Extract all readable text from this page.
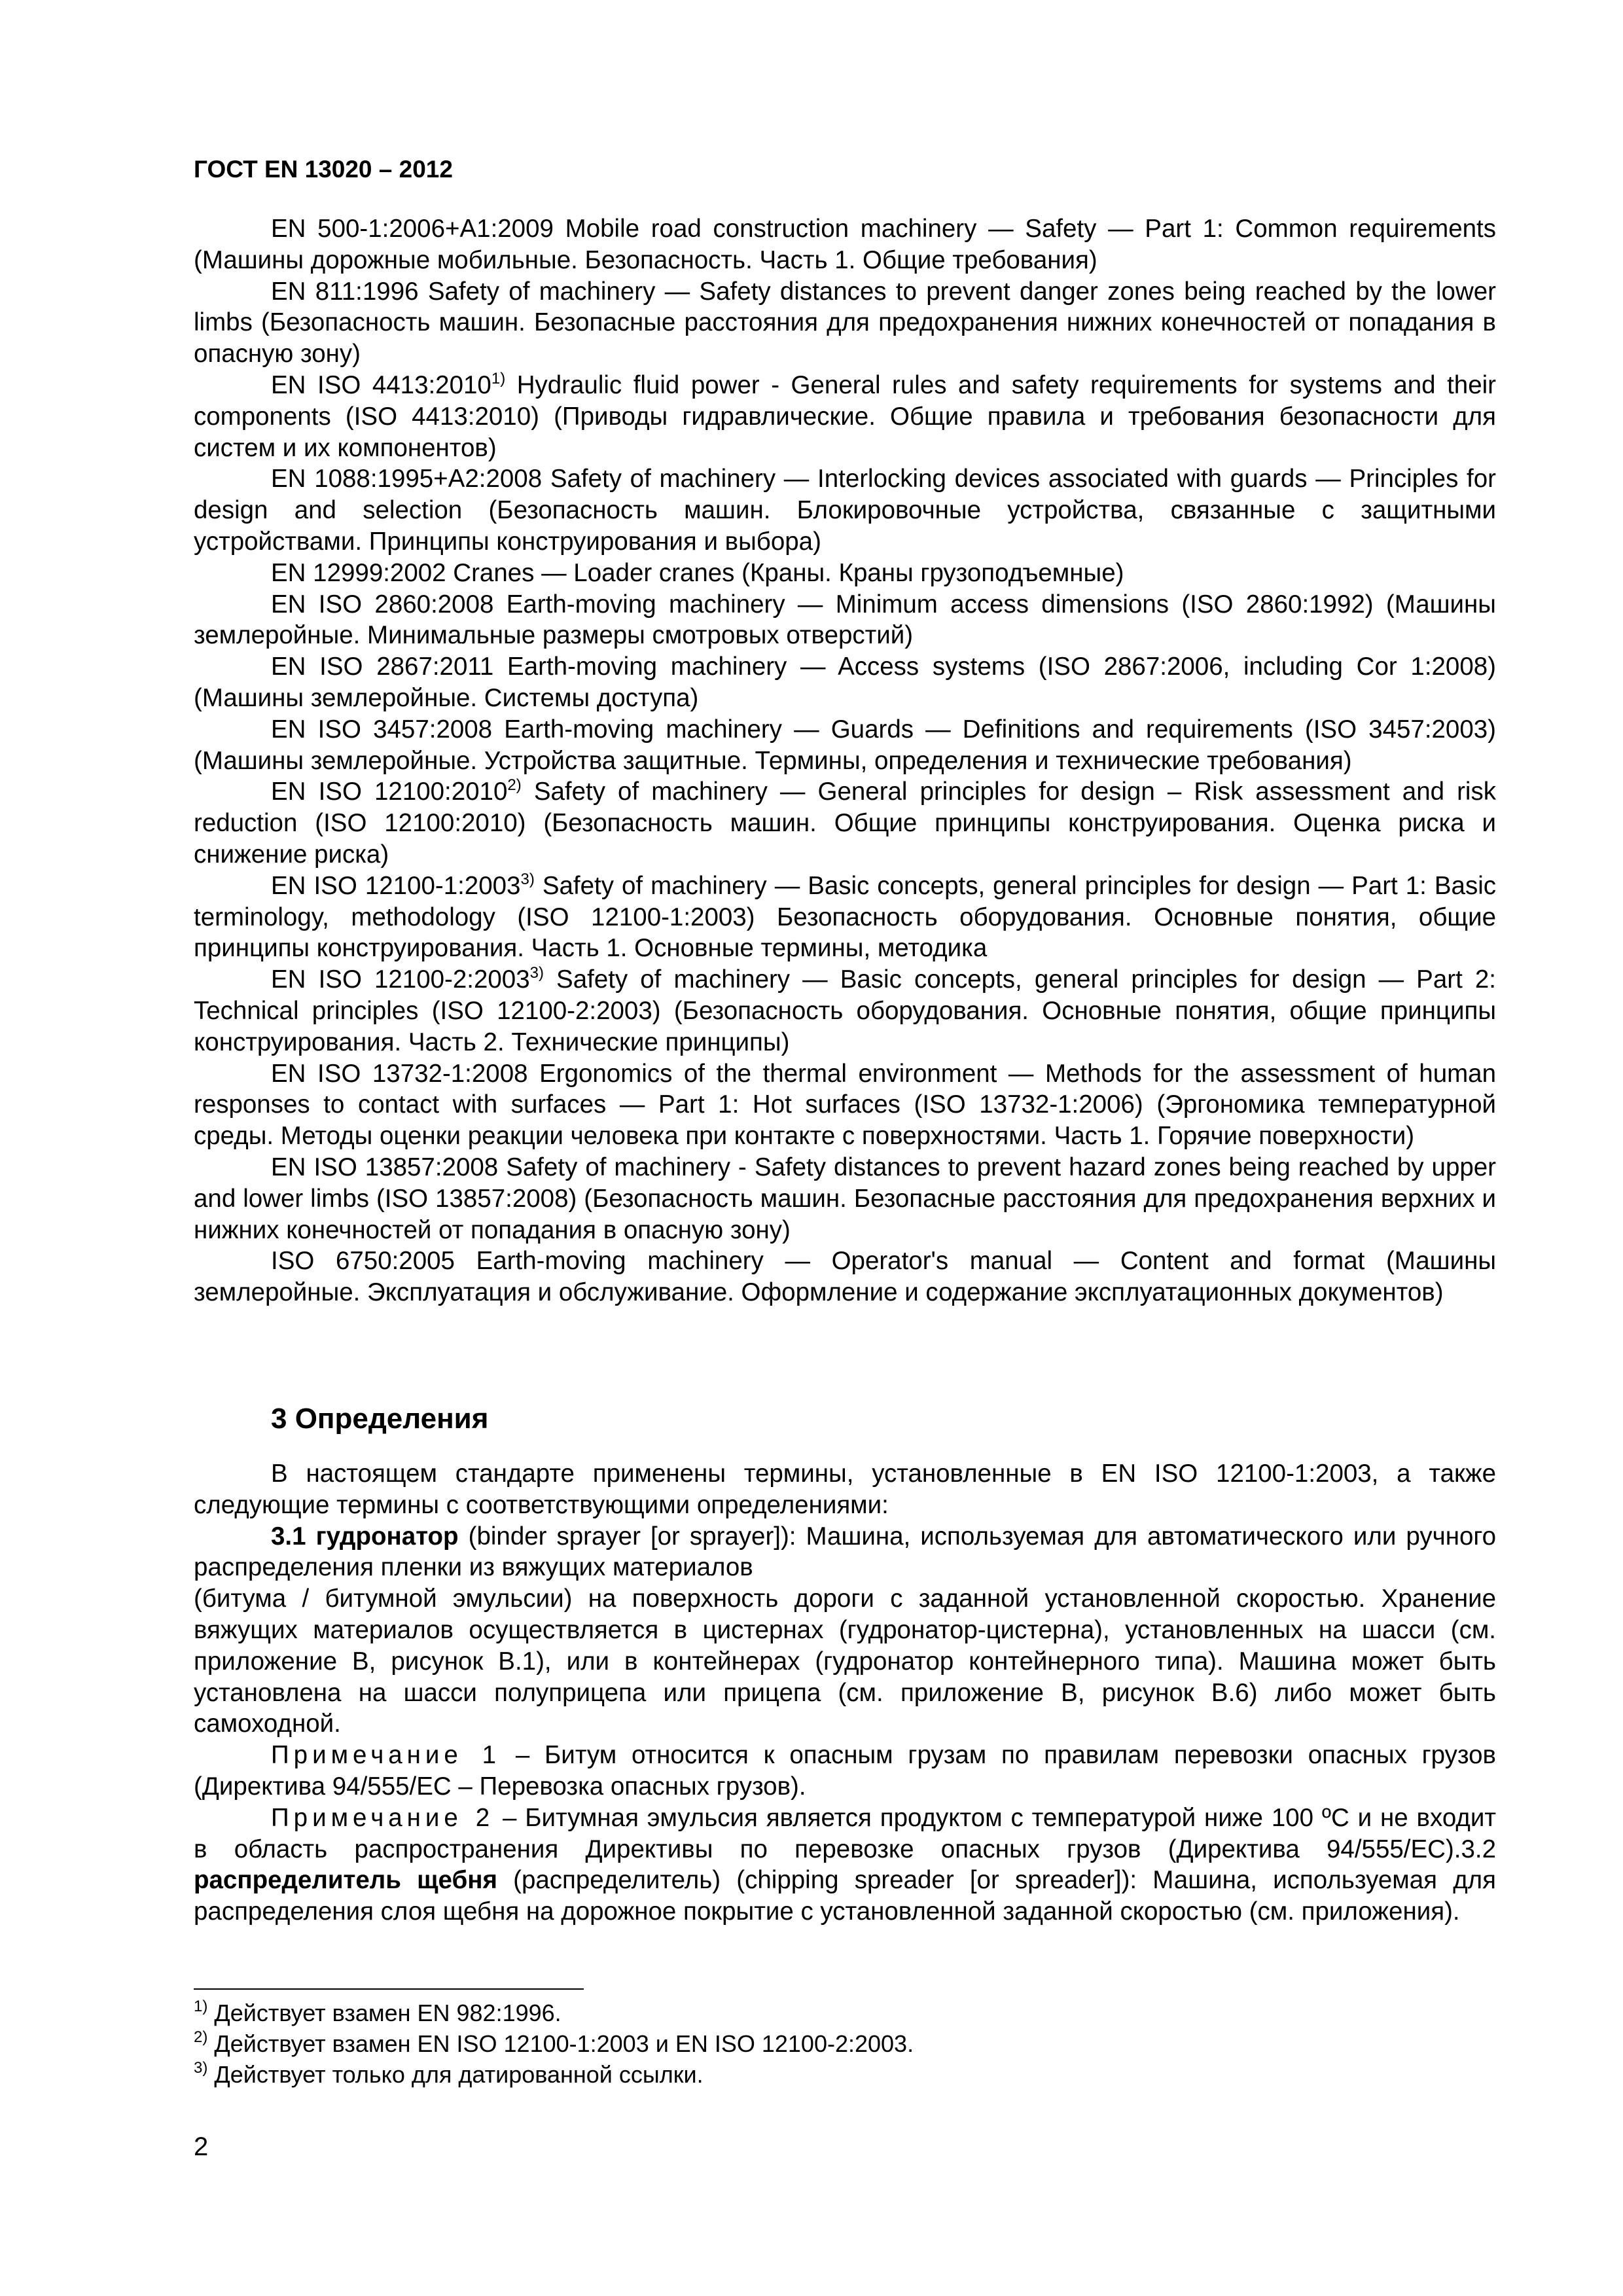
ГОСТ EN 13020 – 2012

EN 500-1:2006+A1:2009 Mobile road construction machinery — Safety — Part 1: Common requirements (Машины дорожные мобильные. Безопасность. Часть 1. Общие требования)

EN 811:1996 Safety of machinery — Safety distances to prevent danger zones being reached by the lower limbs (Безопасность машин. Безопасные расстояния для предохранения нижних конечностей от попадания в опасную зону)

EN ISO 4413:2010$^{1)}$ Hydraulic fluid power - General rules and safety requirements for systems and their components (ISO 4413:2010) (Приводы гидравлические. Общие правила и требования безопасности для систем и их компонентов)

EN 1088:1995+A2:2008 Safety of machinery — Interlocking devices associated with guards — Principles for design and selection (Безопасность машин. Блокировочные устройства, связанные с защитными устройствами. Принципы конструирования и выбора)

EN 12999:2002 Cranes — Loader cranes (Краны. Краны грузоподъемные)

EN ISO 2860:2008 Earth-moving machinery — Minimum access dimensions (ISO 2860:1992) (Машины землеройные. Минимальные размеры смотровых отверстий)

EN ISO 2867:2011 Earth-moving machinery — Access systems (ISO 2867:2006, including Cor 1:2008) (Машины землеройные. Системы доступа)

EN ISO 3457:2008 Earth-moving machinery — Guards — Definitions and requirements (ISO 3457:2003) (Машины землеройные. Устройства защитные. Термины, определения и технические требования)

EN ISO 12100:2010$^{2)}$ Safety of machinery — General principles for design – Risk assessment and risk reduction (ISO 12100:2010) (Безопасность машин. Общие принципы конструирования. Оценка риска и снижение риска)

EN ISO 12100-1:2003$^{3)}$ Safety of machinery — Basic concepts, general principles for design — Part 1: Basic terminology, methodology (ISO 12100-1:2003) Безопасность оборудования. Основные понятия, общие принципы конструирования. Часть 1. Основные термины, методика

EN ISO 12100-2:2003$^{3)}$ Safety of machinery — Basic concepts, general principles for design — Part 2: Technical principles (ISO 12100-2:2003) (Безопасность оборудования. Основные понятия, общие принципы конструирования. Часть 2. Технические принципы)

EN ISO 13732-1:2008 Ergonomics of the thermal environment — Methods for the assessment of human responses to contact with surfaces — Part 1: Hot surfaces (ISO 13732-1:2006) (Эргономика температурной среды. Методы оценки реакции человека при контакте с поверхностями. Часть 1. Горячие поверхности)

EN ISO 13857:2008 Safety of machinery - Safety distances to prevent hazard zones being reached by upper and lower limbs (ISO 13857:2008) (Безопасность машин. Безопасные расстояния для предохранения верхних и нижних конечностей от попадания в опасную зону)

ISO 6750:2005 Earth-moving machinery — Operator's manual — Content and format (Машины землеройные. Эксплуатация и обслуживание. Оформление и содержание эксплуатационных документов)

3 Определения

В настоящем стандарте применены термины, установленные в EN ISO 12100-1:2003, а также следующие термины с соответствующими определениями:

3.1 гудронатор (binder sprayer [or sprayer]): Машина, используемая для автоматического или ручного распределения пленки из вяжущих материалов

(битума / битумной эмульсии) на поверхность дороги с заданной установленной скоростью. Хранение вяжущих материалов осуществляется в цистернах (гудронатор-цистерна), установленных на шасси (см. приложение В, рисунок В.1), или в контейнерах (гудронатор контейнерного типа). Машина может быть установлена на шасси полуприцепа или прицепа (см. приложение В, рисунок В.6) либо может быть самоходной.

Примечание 1 – Битум относится к опасным грузам по правилам перевозки опасных грузов (Директива 94/555/ЕС – Перевозка опасных грузов).

Примечание 2 – Битумная эмульсия является продуктом с температурой ниже 100 ºС и не входит в область распространения Директивы по перевозке опасных грузов (Директива 94/555/ЕС).3.2 распределитель щебня (распределитель) (chipping spreader [or spreader]): Машина, используемая для распределения слоя щебня на дорожное покрытие с установленной заданной скоростью (см. приложения).

$^{1)}$ Действует взамен EN 982:1996.
$^{2)}$ Действует взамен EN ISO 12100-1:2003 и EN ISO 12100-2:2003.
$^{3)}$ Действует только для датированной ссылки.
2
